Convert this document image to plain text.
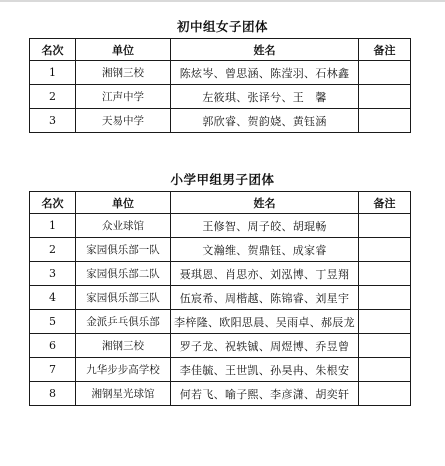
初中组女子团体
名次	单位	姓名	备注
1	湘钢三校	陈炫岑、曾思涵、陈滢羽、石林鑫	
2	江声中学	左筱琪、张译兮、王　馨	
3	天易中学	郭欣睿、贺韵娆、黄钰涵	
小学甲组男子团体
名次	单位	姓名	备注
1	众业球馆	王修智、周子皎、胡琨畅	
2	家园俱乐部一队	文瀚维、贺鼎钰、成家睿	
3	家园俱乐部二队	聂琪恩、肖思亦、刘泓博、丁昱翔	
4	家园俱乐部三队	伍宸希、周楷越、陈锦睿、刘星宇	
5	金派乒乓俱乐部	李梓隆、欧阳思晨、吴雨卓、郝辰龙	
6	湘钢三校	罗子龙、祝轶铖、周煜博、乔昱曾	
7	九华步步高学校	李佳毓、王世凯、孙昊冉、朱根安	
8	湘钢星光球馆	何若飞、喻子熙、李彦潇、胡奕轩	
